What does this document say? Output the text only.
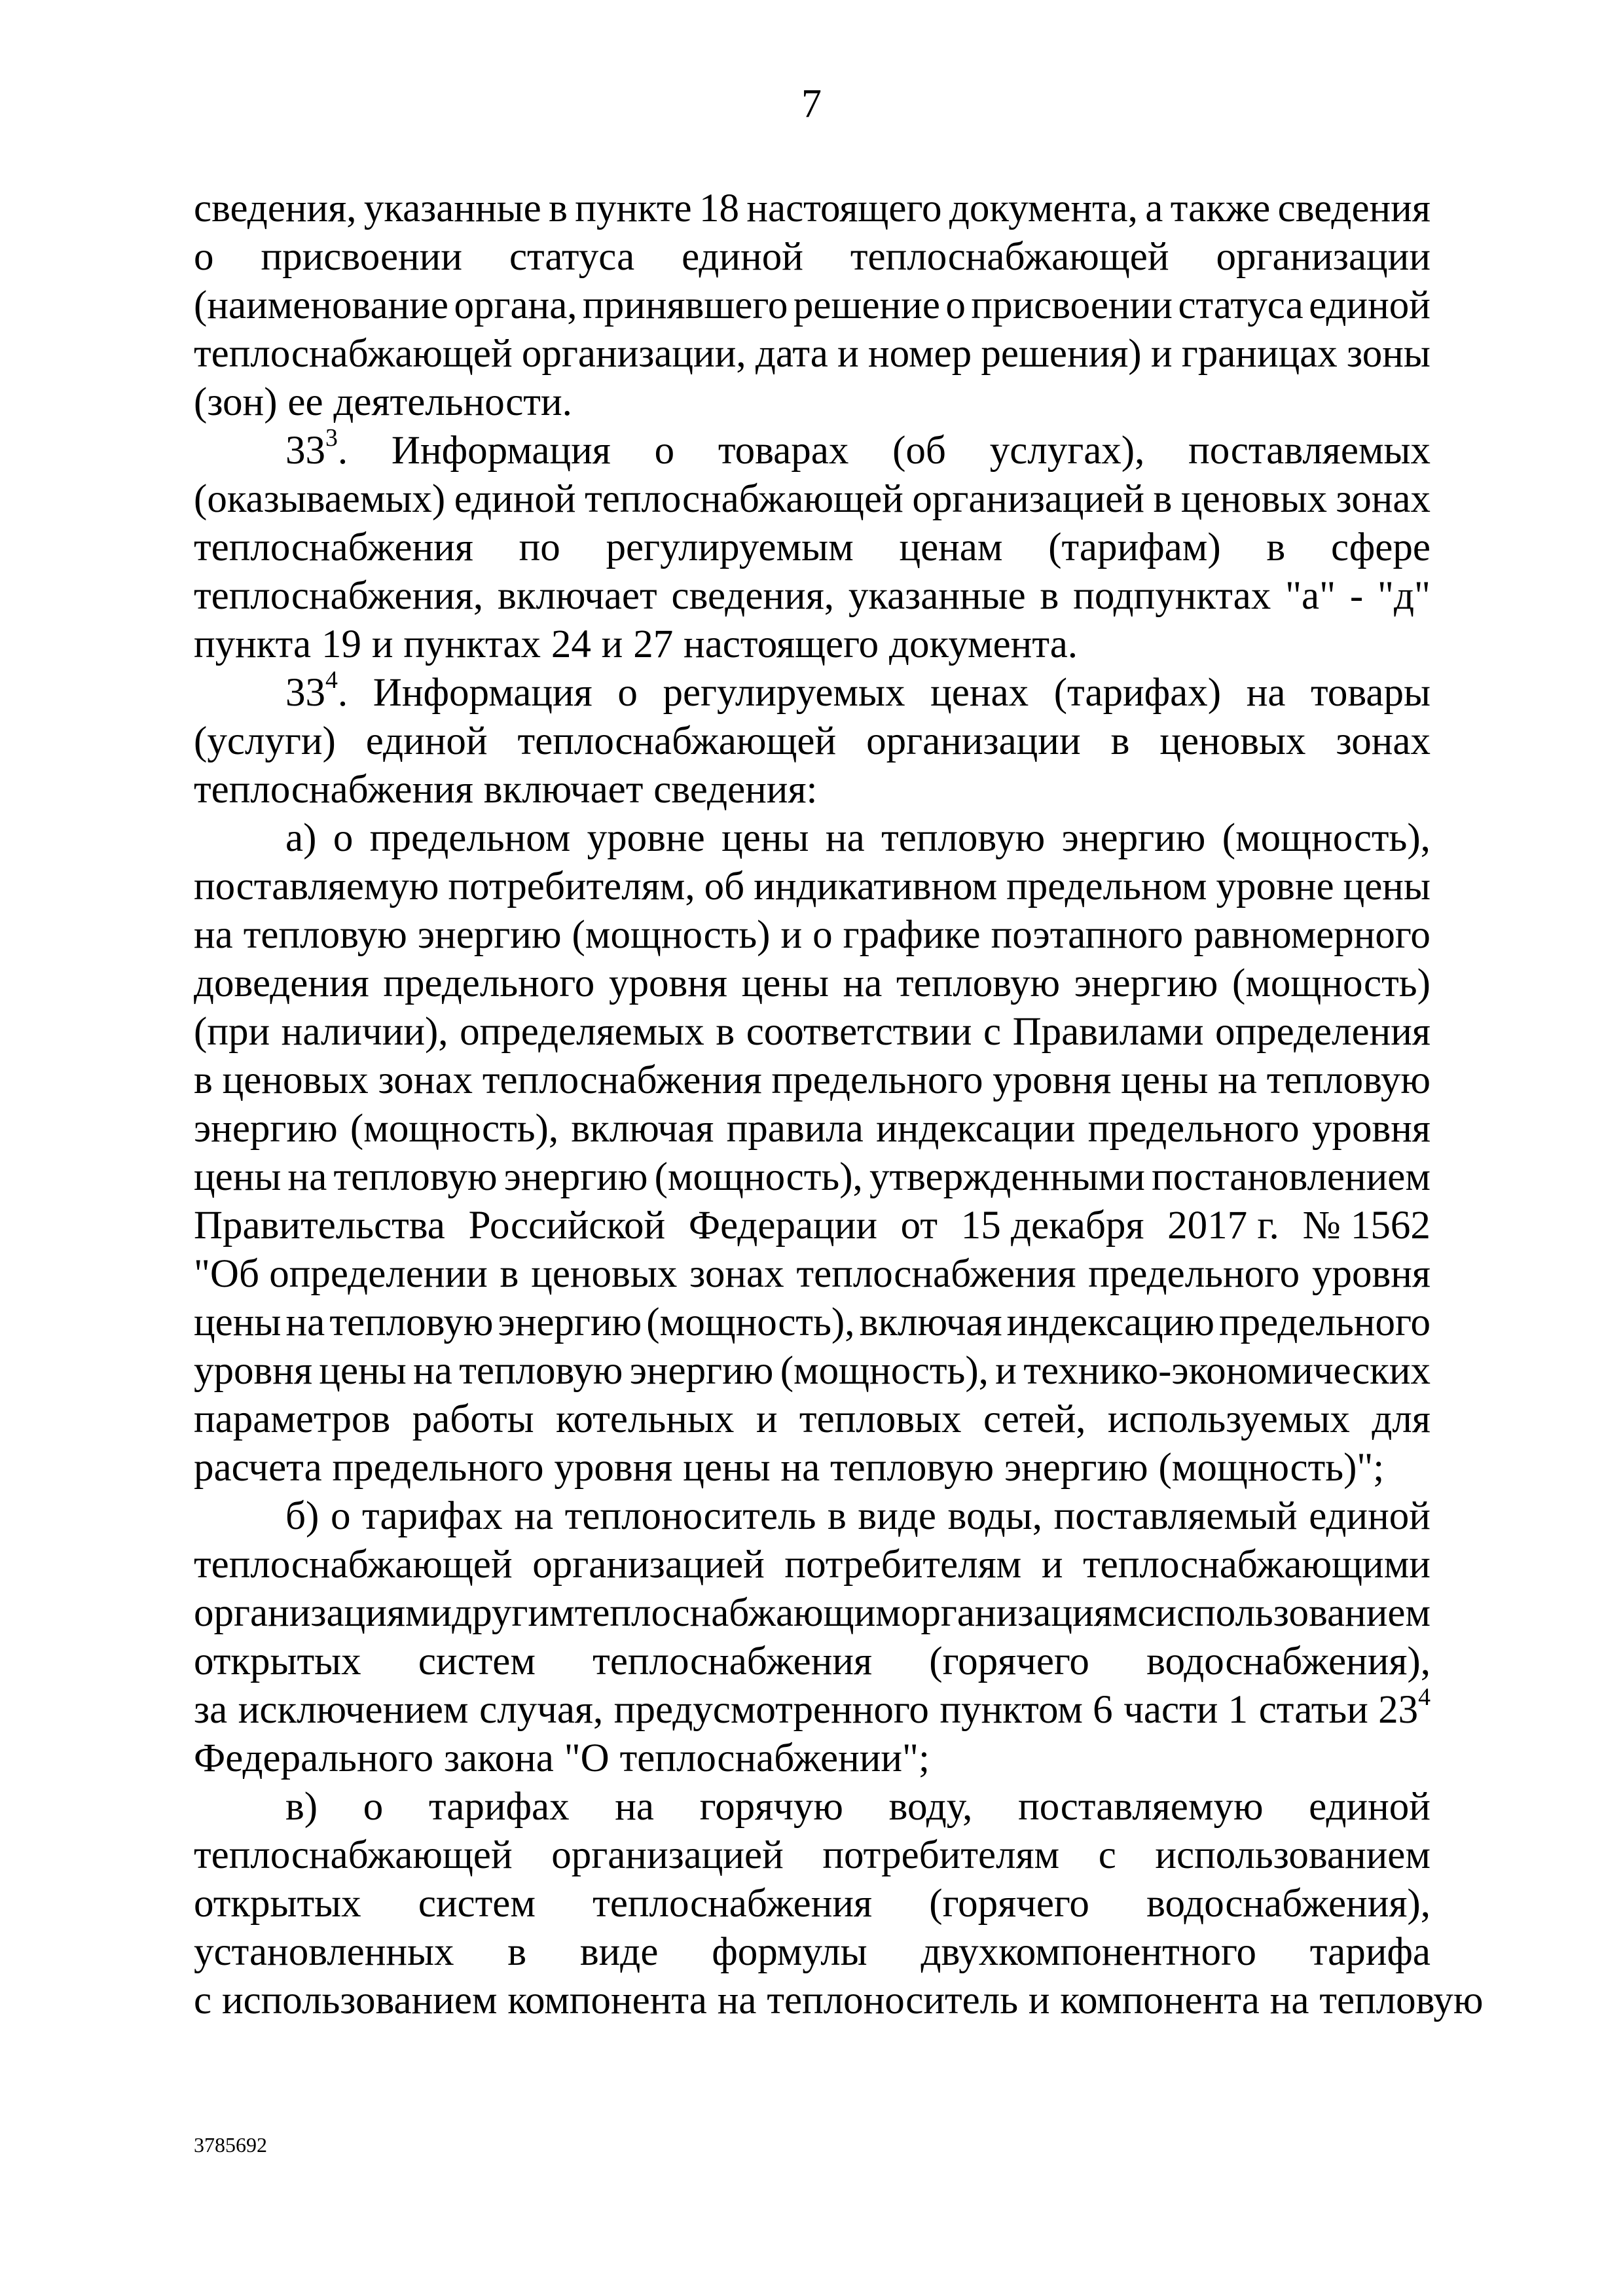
7
сведения, указанные в пункте 18 настоящего документа, а также сведения
о присвоении статуса единой теплоснабжающей организации
(наименование органа, принявшего решение о присвоении статуса единой
теплоснабжающей организации, дата и номер решения) и границах зоны
(зон) ее деятельности.
$33^3$. Информация о товарах (об услугах), поставляемых
(оказываемых) единой теплоснабжающей организацией в ценовых зонах
теплоснабжения по регулируемым ценам (тарифам) в сфере
теплоснабжения, включает сведения, указанные в подпунктах "а" - "д"
пункта 19 и пунктах 24 и 27 настоящего документа.
$33^4$. Информация о регулируемых ценах (тарифах) на товары
(услуги) единой теплоснабжающей организации в ценовых зонах
теплоснабжения включает сведения:
а) о предельном уровне цены на тепловую энергию (мощность),
поставляемую потребителям, об индикативном предельном уровне цены
на тепловую энергию (мощность) и о графике поэтапного равномерного
доведения предельного уровня цены на тепловую энергию (мощность)
(при наличии), определяемых в соответствии с Правилами определения
в ценовых зонах теплоснабжения предельного уровня цены на тепловую
энергию (мощность), включая правила индексации предельного уровня
цены на тепловую энергию (мощность), утвержденными постановлением
Правительства Российской Федерации от 15 декабря 2017 г. № 1562
"Об определении в ценовых зонах теплоснабжения предельного уровня
цены на тепловую энергию (мощность), включая индексацию предельного
уровня цены на тепловую энергию (мощность), и технико-экономических
параметров работы котельных и тепловых сетей, используемых для
расчета предельного уровня цены на тепловую энергию (мощность)";
б) о тарифах на теплоноситель в виде воды, поставляемый единой
теплоснабжающей организацией потребителям и теплоснабжающими
организациями другим теплоснабжающим организациям с использованием
открытых систем теплоснабжения (горячего водоснабжения),
за исключением случая, предусмотренного пунктом 6 части 1 статьи $23^4$
Федерального закона "О теплоснабжении";
в) о тарифах на горячую воду, поставляемую единой
теплоснабжающей организацией потребителям с использованием
открытых систем теплоснабжения (горячего водоснабжения),
установленных в виде формулы двухкомпонентного тарифа
с использованием компонента на теплоноситель и компонента на тепловую
3785692
